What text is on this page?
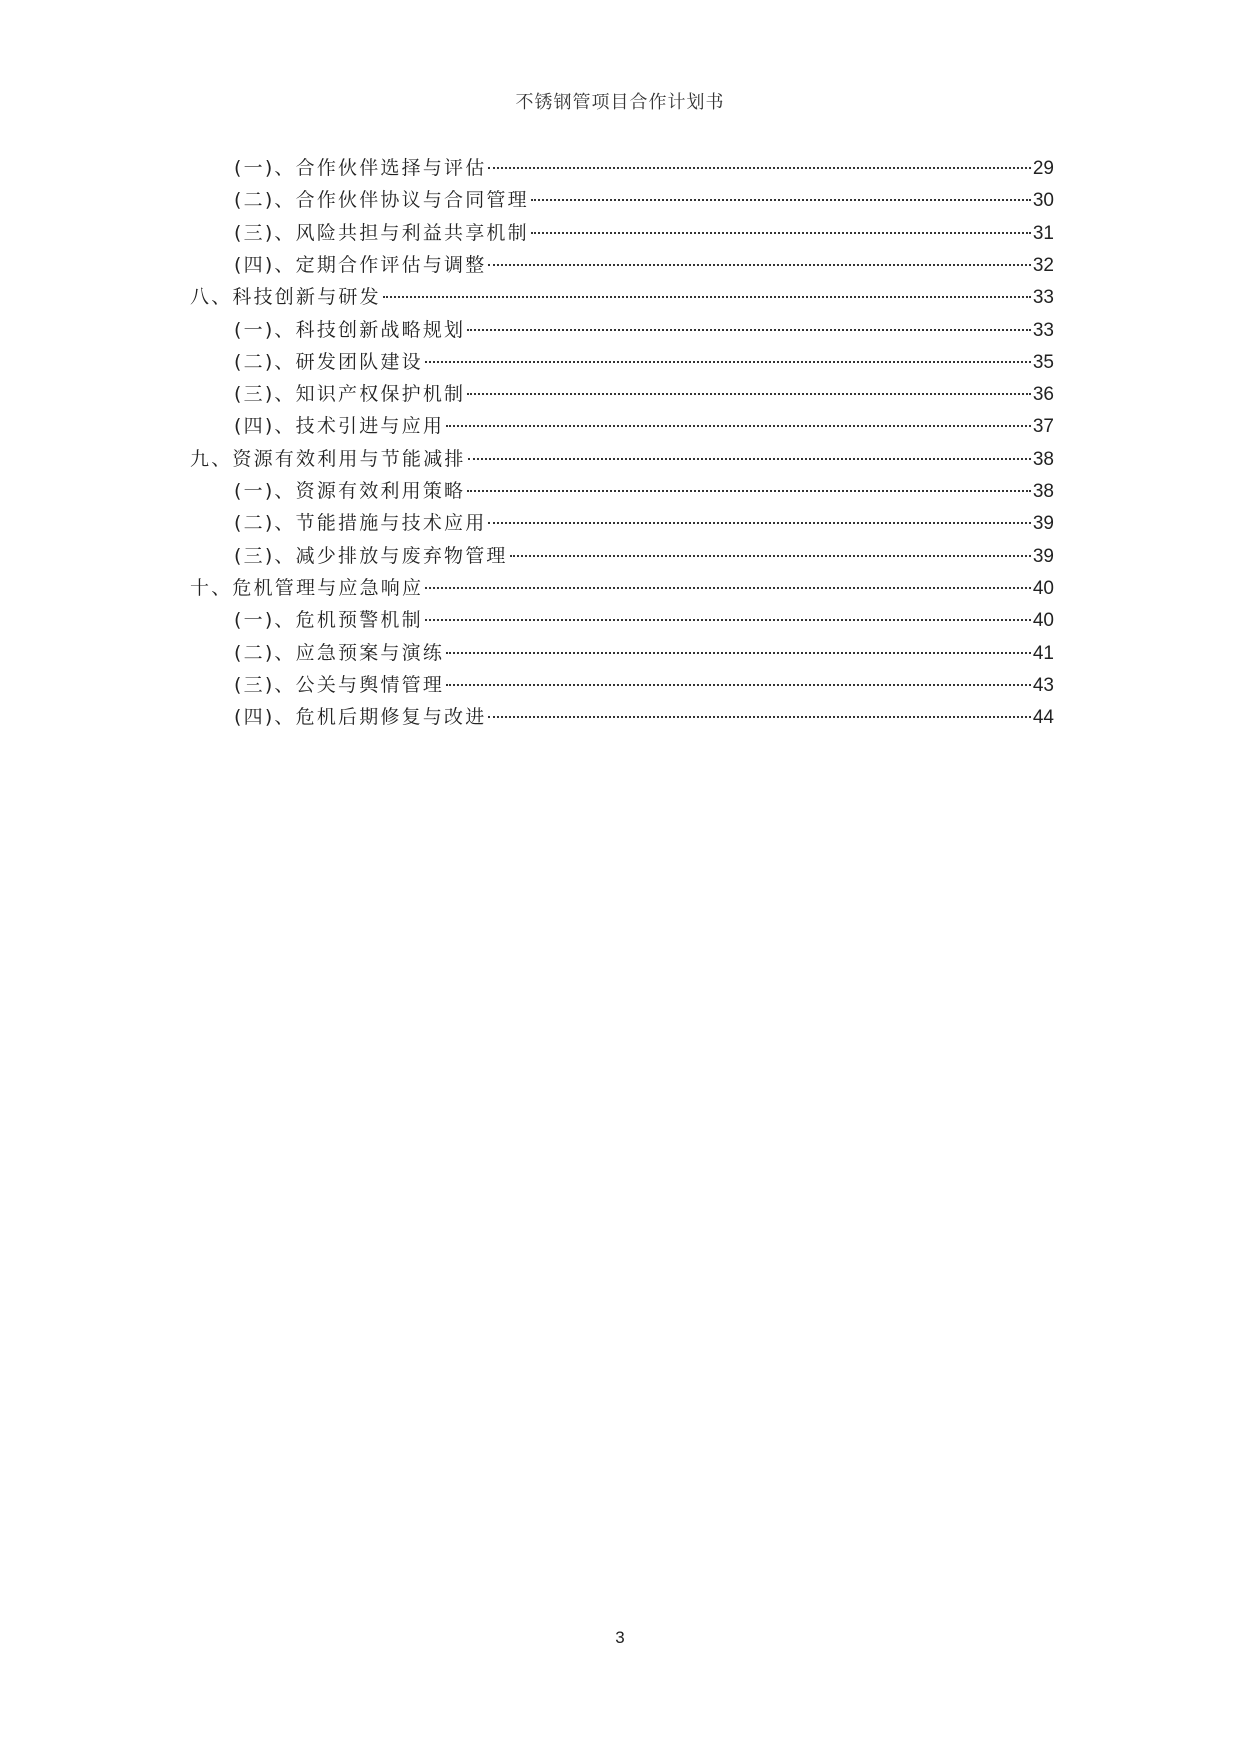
不锈钢管项目合作计划书
(一)、合作伙伴选择与评估	29
(二)、合作伙伴协议与合同管理	30
(三)、风险共担与利益共享机制	31
(四)、定期合作评估与调整	32
八、科技创新与研发	33
(一)、科技创新战略规划	33
(二)、研发团队建设	35
(三)、知识产权保护机制	36
(四)、技术引进与应用	37
九、资源有效利用与节能减排	38
(一)、资源有效利用策略	38
(二)、节能措施与技术应用	39
(三)、减少排放与废弃物管理	39
十、危机管理与应急响应	40
(一)、危机预警机制	40
(二)、应急预案与演练	41
(三)、公关与舆情管理	43
(四)、危机后期修复与改进	44
3
